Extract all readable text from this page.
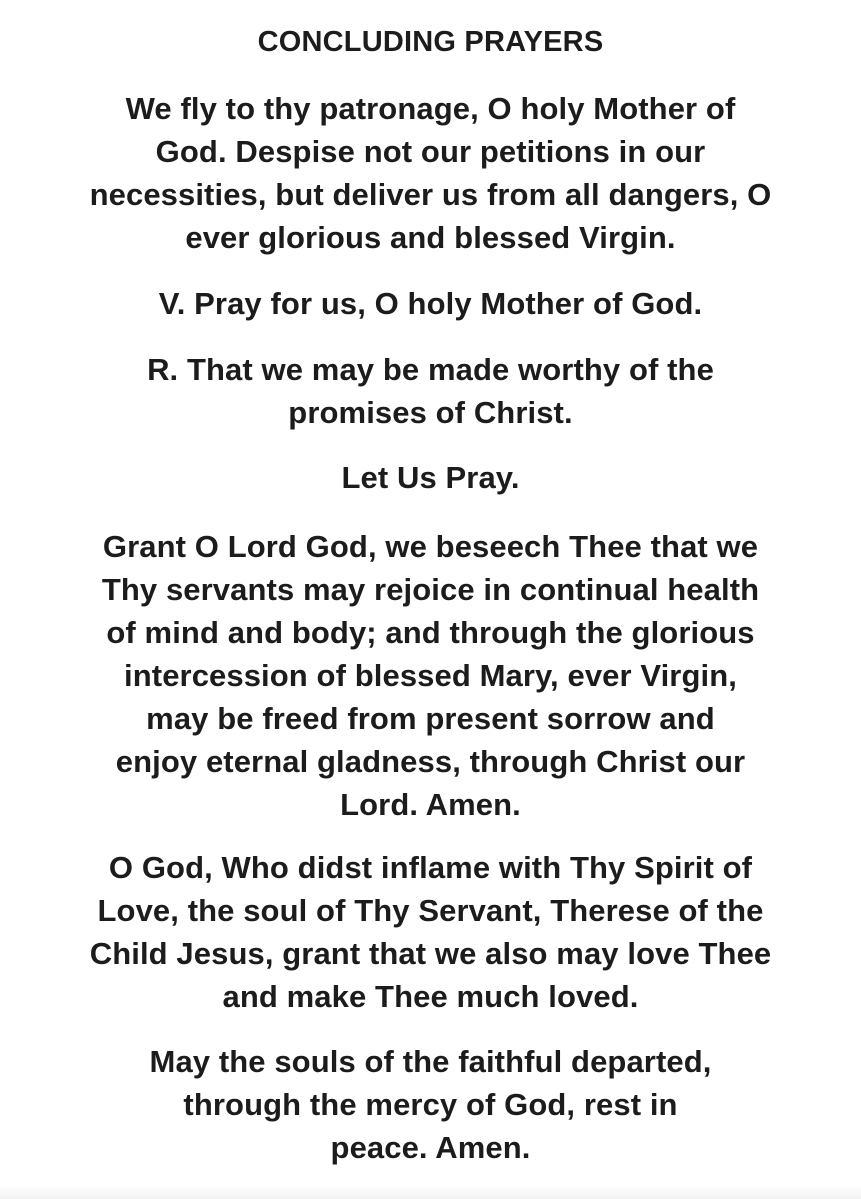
CONCLUDING PRAYERS

We fly to thy patronage, O holy Mother of
God. Despise not our petitions in our
necessities, but deliver us from all dangers, O
ever glorious and blessed Virgin.

V. Pray for us, O holy Mother of God.

R. That we may be made worthy of the
promises of Christ.

Let Us Pray.

Grant O Lord God, we beseech Thee that we
Thy servants may rejoice in continual health
of mind and body; and through the glorious
intercession of blessed Mary, ever Virgin,
may be freed from present sorrow and
enjoy eternal gladness, through Christ our
Lord. Amen.

O God, Who didst inflame with Thy Spirit of
Love, the soul of Thy Servant, Therese of the
Child Jesus, grant that we also may love Thee
and make Thee much loved.

May the souls of the faithful departed,
through the mercy of God, rest in
peace. Amen.
